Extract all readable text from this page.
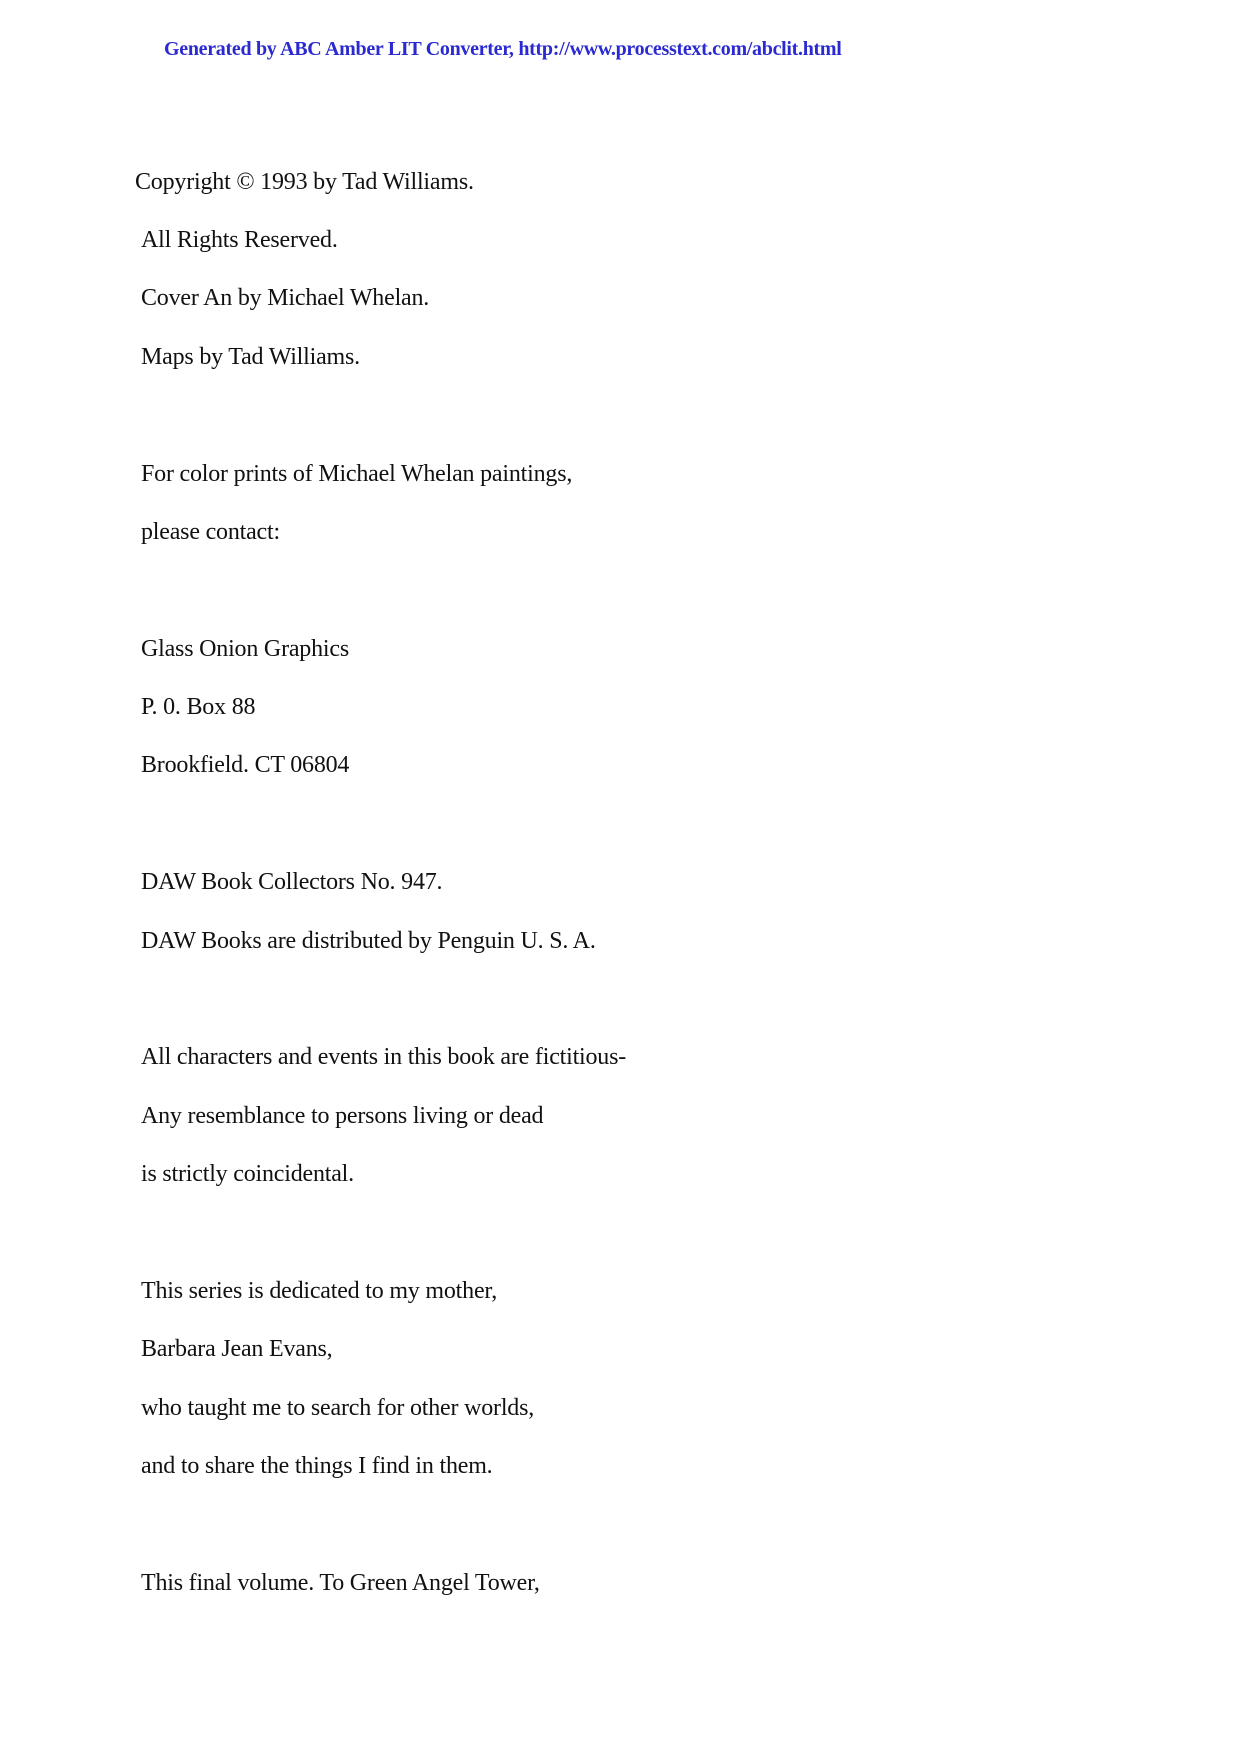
Generated by ABC Amber LIT Converter, http://www.processtext.com/abclit.html
Copyright © 1993 by Tad Williams.
All Rights Reserved.
Cover An by Michael Whelan.
Maps by Tad Williams.
For color prints of Michael Whelan paintings,
please contact:
Glass Onion Graphics
P. 0. Box 88
Brookfield. CT 06804
DAW Book Collectors No. 947.
DAW Books are distributed by Penguin U. S. A.
All characters and events in this book are fictitious-
Any resemblance to persons living or dead
is strictly coincidental.
This series is dedicated to my mother,
Barbara Jean Evans,
who taught me to search for other worlds,
and to share the things I find in them.
This final volume. To Green Angel Tower,
